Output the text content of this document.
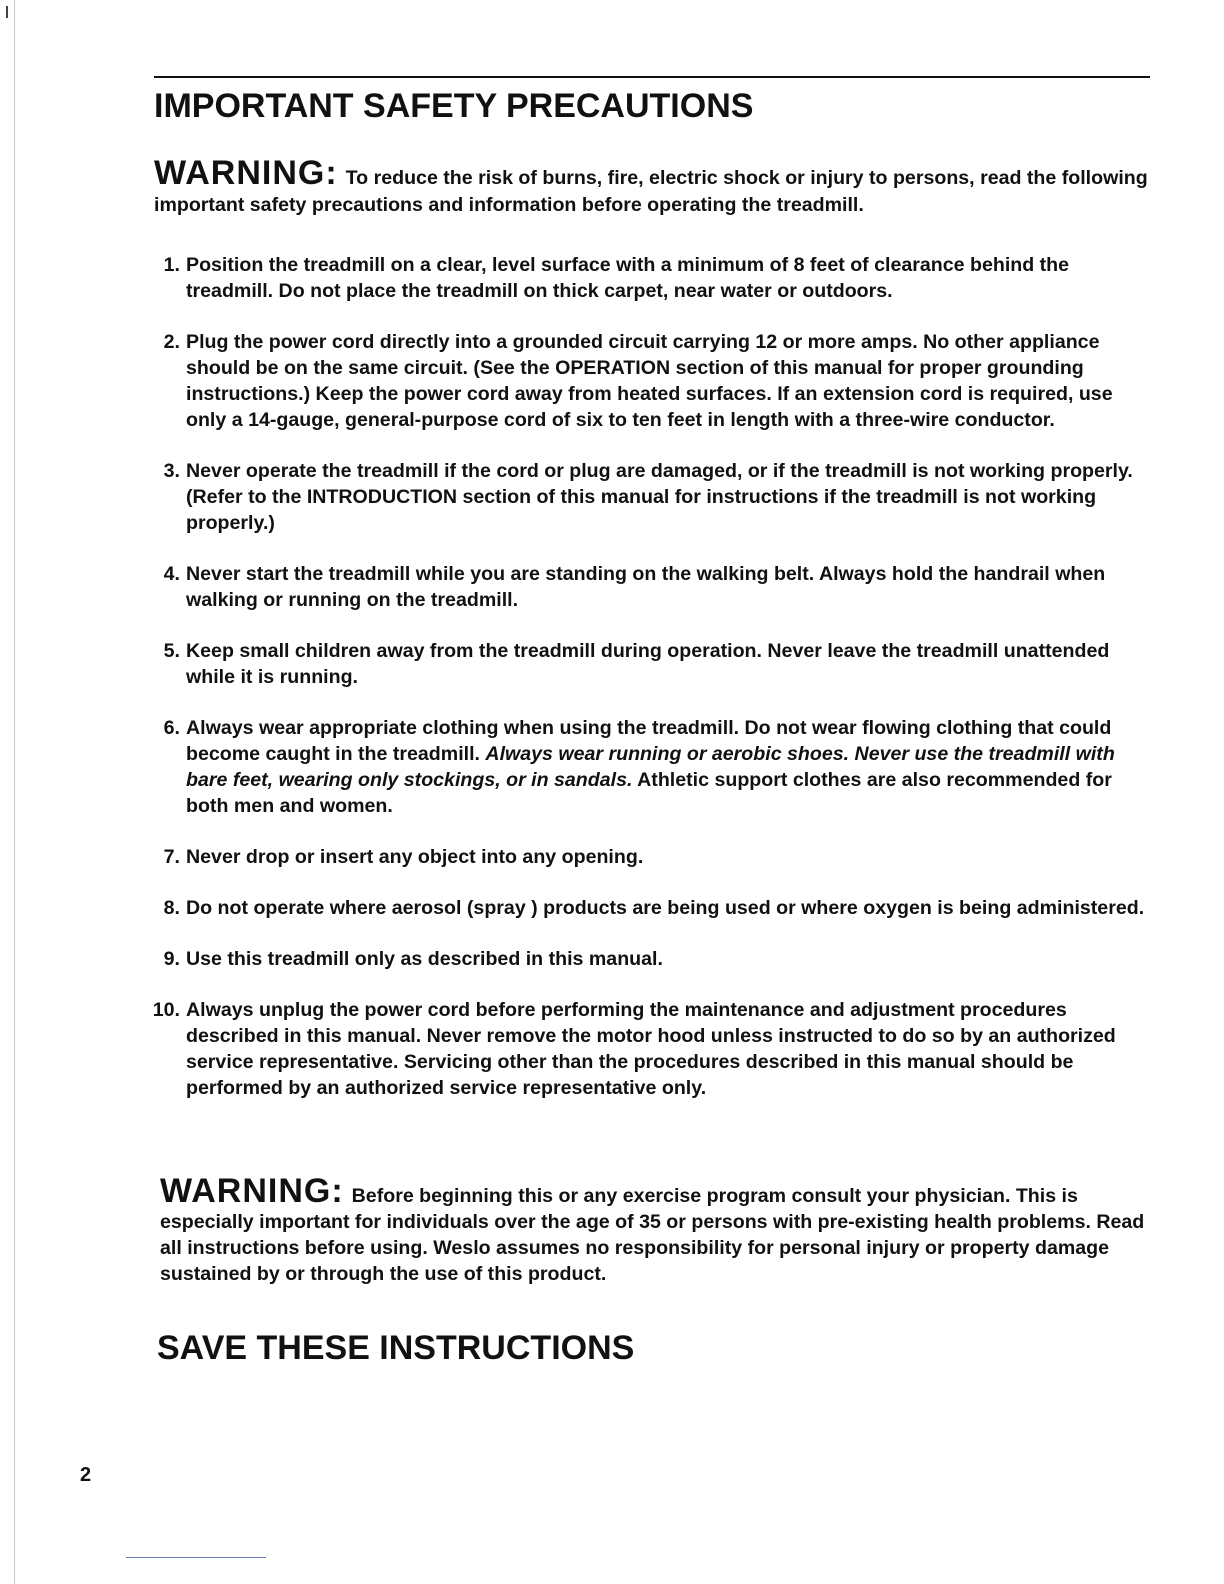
IMPORTANT SAFETY PRECAUTIONS

WARNING: To reduce the risk of burns, fire, electric shock or injury to persons, read the following important safety precautions and information before operating the treadmill.

1. Position the treadmill on a clear, level surface with a minimum of 8 feet of clearance behind the treadmill. Do not place the treadmill on thick carpet, near water or outdoors.
2. Plug the power cord directly into a grounded circuit carrying 12 or more amps. No other appliance should be on the same circuit. (See the OPERATION section of this manual for proper grounding instructions.) Keep the power cord away from heated surfaces. If an extension cord is required, use only a 14-gauge, general-purpose cord of six to ten feet in length with a three-wire conductor.
3. Never operate the treadmill if the cord or plug are damaged, or if the treadmill is not working properly. (Refer to the INTRODUCTION section of this manual for instructions if the treadmill is not working properly.)
4. Never start the treadmill while you are standing on the walking belt. Always hold the handrail when walking or running on the treadmill.
5. Keep small children away from the treadmill during operation. Never leave the treadmill unattended while it is running.
6. Always wear appropriate clothing when using the treadmill. Do not wear flowing clothing that could become caught in the treadmill. Always wear running or aerobic shoes. Never use the treadmill with bare feet, wearing only stockings, or in sandals. Athletic support clothes are also recommended for both men and women.
7. Never drop or insert any object into any opening.
8. Do not operate where aerosol (spray ) products are being used or where oxygen is being administered.
9. Use this treadmill only as described in this manual.
10. Always unplug the power cord before performing the maintenance and adjustment procedures described in this manual. Never remove the motor hood unless instructed to do so by an authorized service representative. Servicing other than the procedures described in this manual should be performed by an authorized service representative only.

WARNING: Before beginning this or any exercise program consult your physician. This is especially important for individuals over the age of 35 or persons with pre-existing health problems. Read all instructions before using. Weslo assumes no responsibility for personal injury or property damage sustained by or through the use of this product.

SAVE THESE INSTRUCTIONS
2
